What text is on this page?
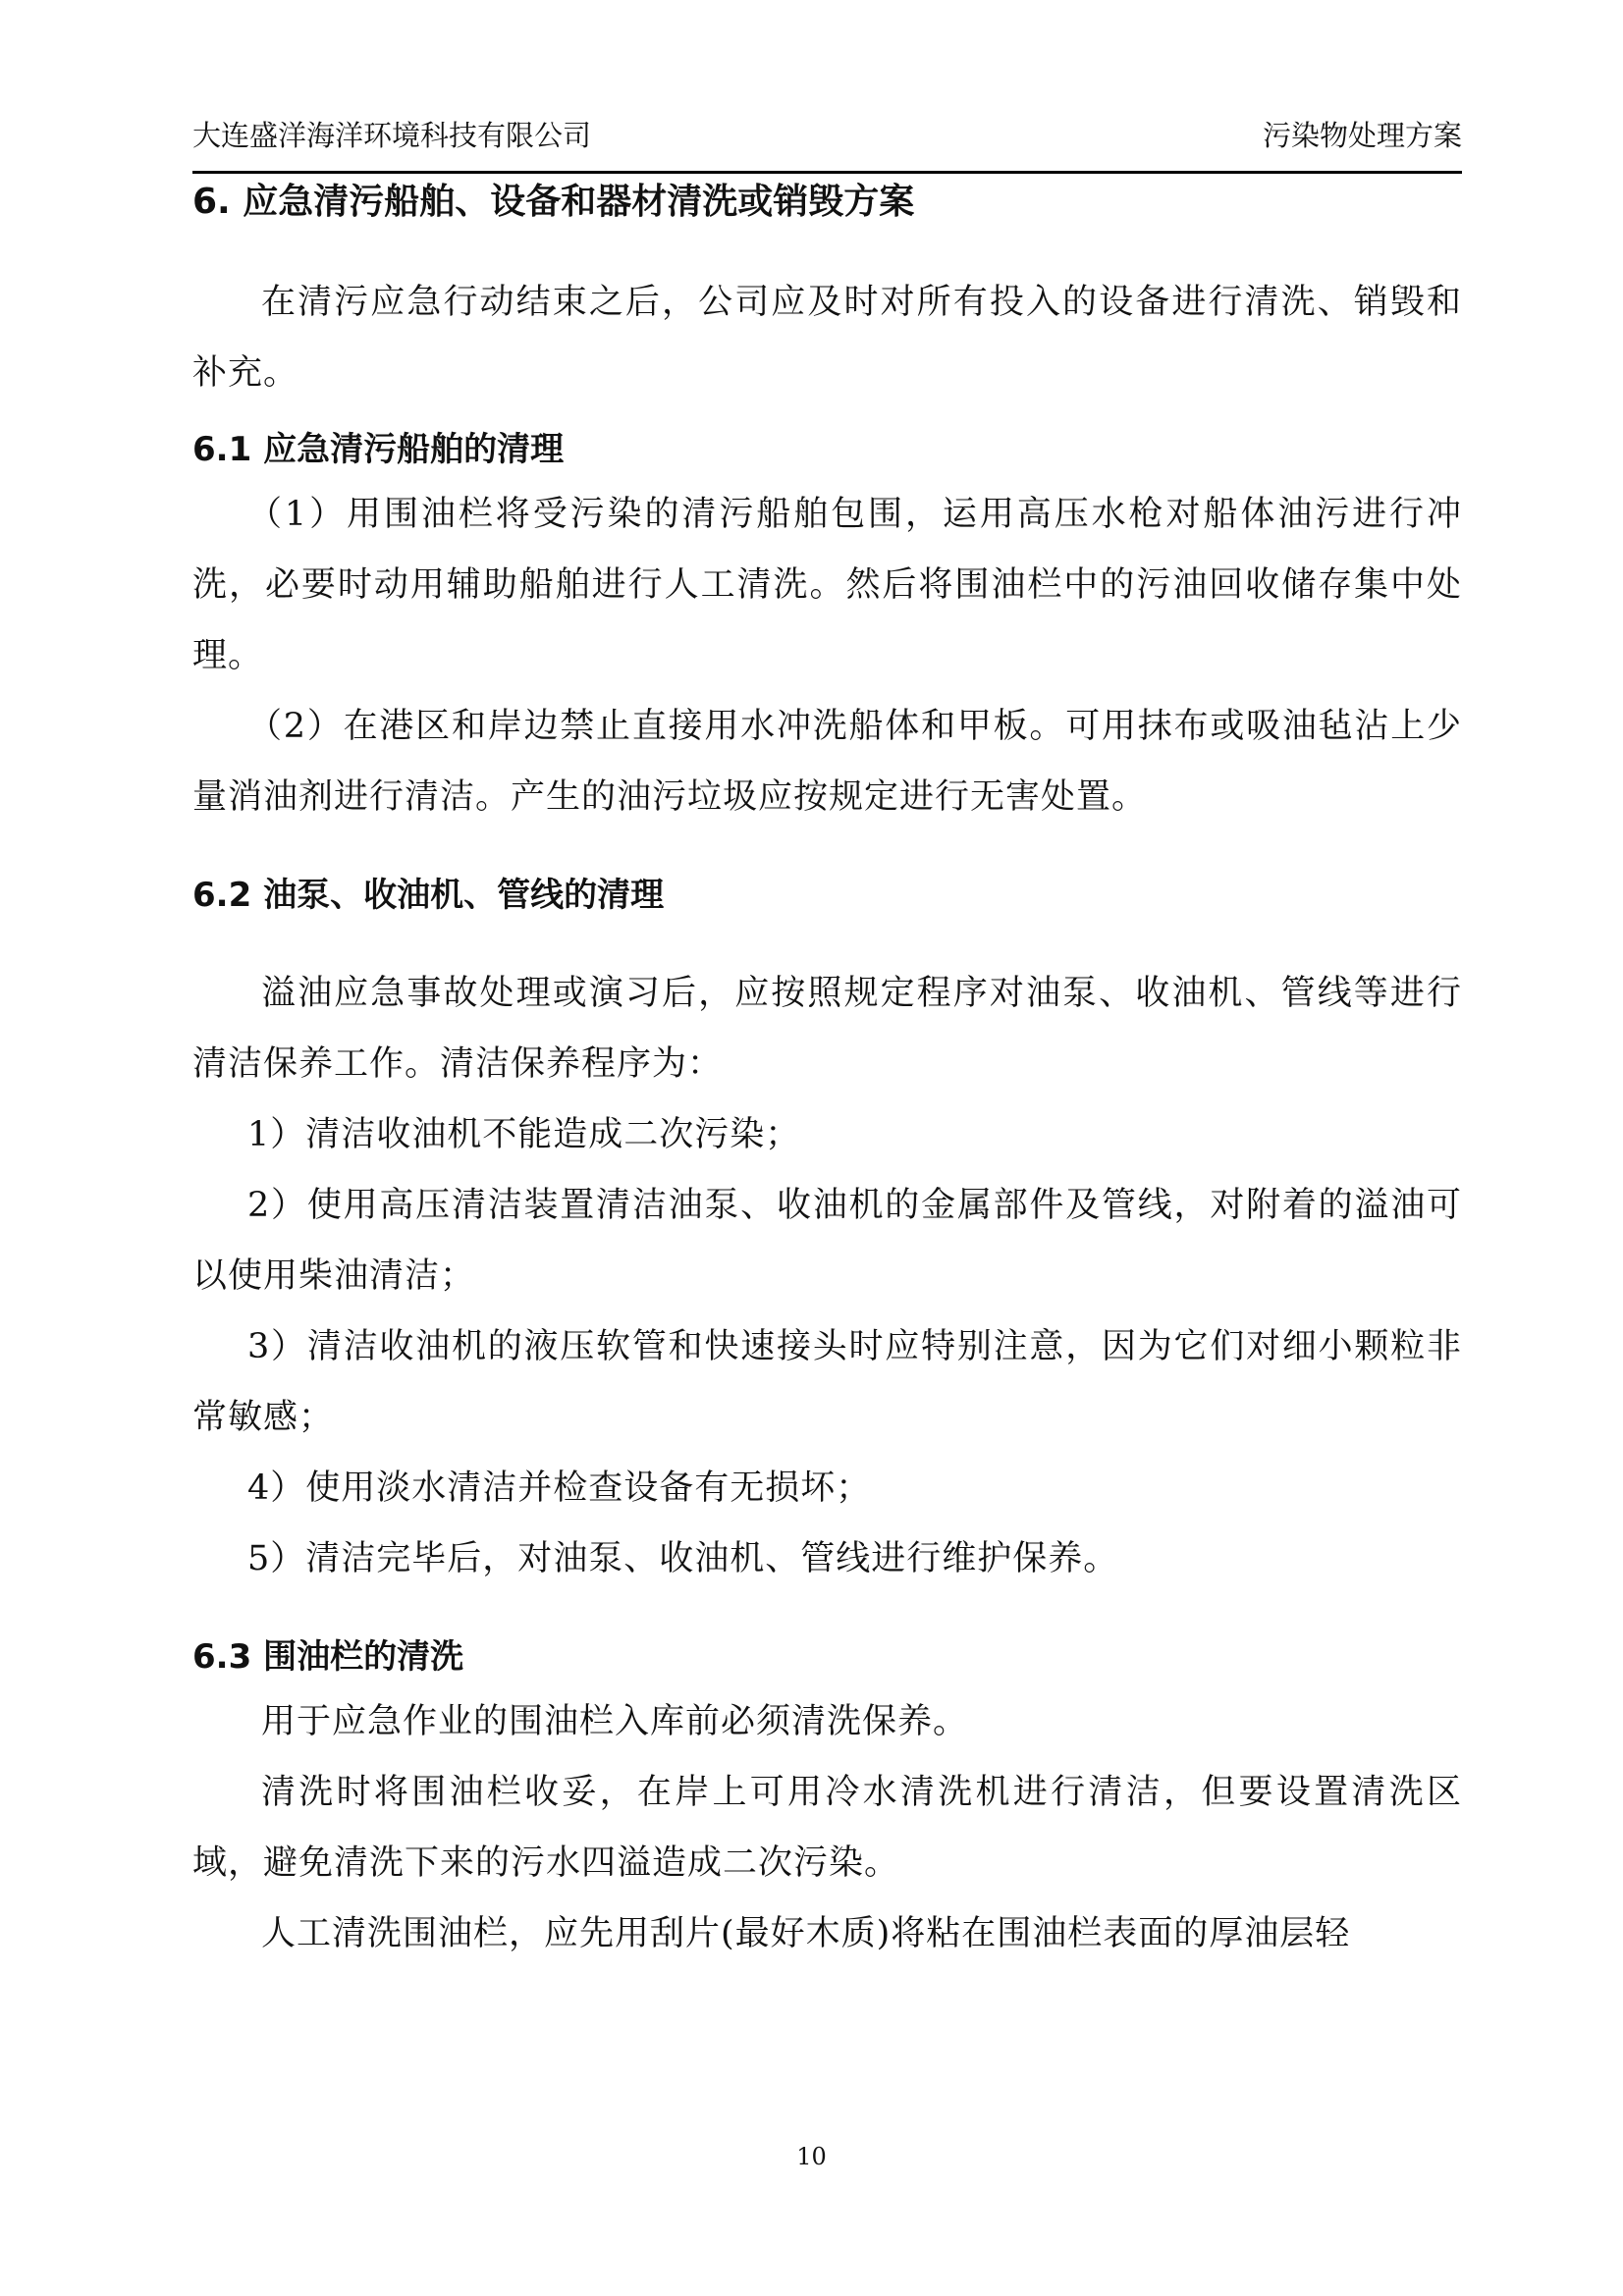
大连盛洋海洋环境科技有限公司	污染物处理方案
6. 应急清污船舶、设备和器材清洗或销毁方案

在清污应急行动结束之后，公司应及时对所有投入的设备进行清洗、销毁和补充。

6.1 应急清污船舶的清理

（1）用围油栏将受污染的清污船舶包围，运用高压水枪对船体油污进行冲洗，必要时动用辅助船舶进行人工清洗。然后将围油栏中的污油回收储存集中处理。

（2）在港区和岸边禁止直接用水冲洗船体和甲板。可用抹布或吸油毡沾上少量消油剂进行清洁。产生的油污垃圾应按规定进行无害处置。

6.2 油泵、收油机、管线的清理

溢油应急事故处理或演习后，应按照规定程序对油泵、收油机、管线等进行清洁保养工作。清洁保养程序为：

1）清洁收油机不能造成二次污染；

2）使用高压清洁装置清洁油泵、收油机的金属部件及管线，对附着的溢油可以使用柴油清洁；

3）清洁收油机的液压软管和快速接头时应特别注意，因为它们对细小颗粒非常敏感；

4）使用淡水清洁并检查设备有无损坏；

5）清洁完毕后，对油泵、收油机、管线进行维护保养。

6.3 围油栏的清洗

用于应急作业的围油栏入库前必须清洗保养。

清洗时将围油栏收妥，在岸上可用冷水清洗机进行清洁，但要设置清洗区域，避免清洗下来的污水四溢造成二次污染。

人工清洗围油栏，应先用刮片(最好木质)将粘在围油栏表面的厚油层轻

10
